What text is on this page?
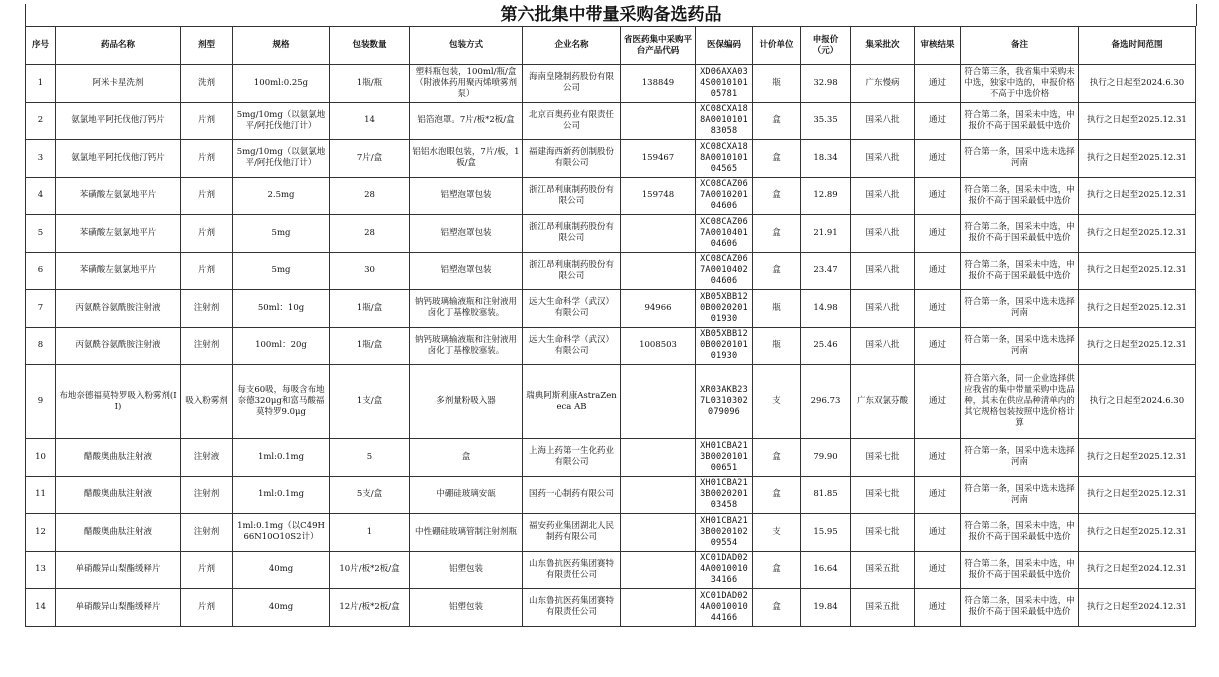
第六批集中带量采购备选药品
序号	药品名称	剂型	规格	包装数量	包装方式	企业名称	省医药集中采购平台产品代码	医保编码	计价单位	申报价（元）	集采批次	审核结果	备注	备选时间范围
1	阿米卡星洗剂	洗剂	100ml:0.25g	1瓶/瓶	塑料瓶包装，100ml/瓶/盒（附液体药用聚丙烯喷雾剂泵）	海南皇隆制药股份有限公司	138849	XD06AXA034S001010105781	瓶	32.98	广东慢病	通过	符合第三条，我省集中采购未中选，独家中选的，申报价格不高于中选价格	执行之日起至2024.6.30
2	氨氯地平阿托伐他汀钙片	片剂	5mg/10mg（以氨氯地平/阿托伐他汀计）	14	铝箔泡罩。7片/板*2板/盒	北京百奥药业有限责任公司		XC08CXA188A001010183058	盒	35.35	国采八批	通过	符合第二条，国采未中选，申报价不高于国采最低中选价	执行之日起至2025.12.31
3	氨氯地平阿托伐他汀钙片	片剂	5mg/10mg（以氨氯地平/阿托伐他汀计）	7片/盒	铝铝水泡眼包装，7片/板，1板/盒	福建海西新药创制股份有限公司	159467	XC08CXA188A001010104565	盒	18.34	国采八批	通过	符合第一条，国采中选未选择河南	执行之日起至2025.12.31
4	苯磺酸左氨氯地平片	片剂	2.5mg	28	铝塑泡罩包装	浙江昂利康制药股份有限公司	159748	XC08CAZ067A001020104606	盒	12.89	国采八批	通过	符合第二条，国采未中选，申报价不高于国采最低中选价	执行之日起至2025.12.31
5	苯磺酸左氨氯地平片	片剂	5mg	28	铝塑泡罩包装	浙江昂利康制药股份有限公司		XC08CAZ067A001040104606	盒	21.91	国采八批	通过	符合第二条，国采未中选，申报价不高于国采最低中选价	执行之日起至2025.12.31
6	苯磺酸左氨氯地平片	片剂	5mg	30	铝塑泡罩包装	浙江昂利康制药股份有限公司		XC08CAZ067A001040204606	盒	23.47	国采八批	通过	符合第二条，国采未中选，申报价不高于国采最低中选价	执行之日起至2025.12.31
7	丙氨酰谷氨酰胺注射液	注射剂	50ml：10g	1瓶/盒	钠钙玻璃输液瓶和注射液用卤化丁基橡胶塞装。	远大生命科学（武汉）有限公司	94966	XB05XBB120B002020101930	瓶	14.98	国采八批	通过	符合第一条，国采中选未选择河南	执行之日起至2025.12.31
8	丙氨酰谷氨酰胺注射液	注射剂	100ml：20g	1瓶/盒	钠钙玻璃输液瓶和注射液用卤化丁基橡胶塞装。	远大生命科学（武汉）有限公司	1008503	XB05XBB120B002010101930	瓶	25.46	国采八批	通过	符合第一条，国采中选未选择河南	执行之日起至2025.12.31
9	布地奈德福莫特罗吸入粉雾剂(II)	吸入粉雾剂	每支60吸，每吸含布地奈德320μg和富马酸福莫特罗9.0μg	1支/盒	多剂量粉吸入器	瑞典阿斯利康AstraZeneca AB		XR03AKB237L0310302079096	支	296.73	广东双氯芬酸	通过	符合第六条，同一企业选择供应我省的集中带量采购中选品种，其未在供应品种清单内的其它规格包装按照中选价格计算	执行之日起至2024.6.30
10	醋酸奥曲肽注射液	注射液	1ml:0.1mg	5	盒	上海上药第一生化药业有限公司		XH01CBA213B002010100651	盒	79.90	国采七批	通过	符合第一条，国采中选未选择河南	执行之日起至2025.12.31
11	醋酸奥曲肽注射液	注射剂	1ml:0.1mg	5支/盒	中硼硅玻璃安瓿	国药一心制药有限公司		XH01CBA213B002020103458	盒	81.85	国采七批	通过	符合第一条，国采中选未选择河南	执行之日起至2025.12.31
12	醋酸奥曲肽注射液	注射剂	1ml:0.1mg（以C49H66N10O10S2计）	1	中性硼硅玻璃管制注射剂瓶	福安药业集团湖北人民制药有限公司		XH01CBA213B002010209554	支	15.95	国采七批	通过	符合第二条，国采未中选，申报价不高于国采最低中选价	执行之日起至2025.12.31
13	单硝酸异山梨酯缓释片	片剂	40mg	10片/板*2板/盒	铝塑包装	山东鲁抗医药集团赛特有限责任公司		XC01DAD024A001001034166	盒	16.64	国采五批	通过	符合第二条，国采未中选，申报价不高于国采最低中选价	执行之日起至2024.12.31
14	单硝酸异山梨酯缓释片	片剂	40mg	12片/板*2板/盒	铝塑包装	山东鲁抗医药集团赛特有限责任公司		XC01DAD024A001001044166	盒	19.84	国采五批	通过	符合第二条，国采未中选，申报价不高于国采最低中选价	执行之日起至2024.12.31
